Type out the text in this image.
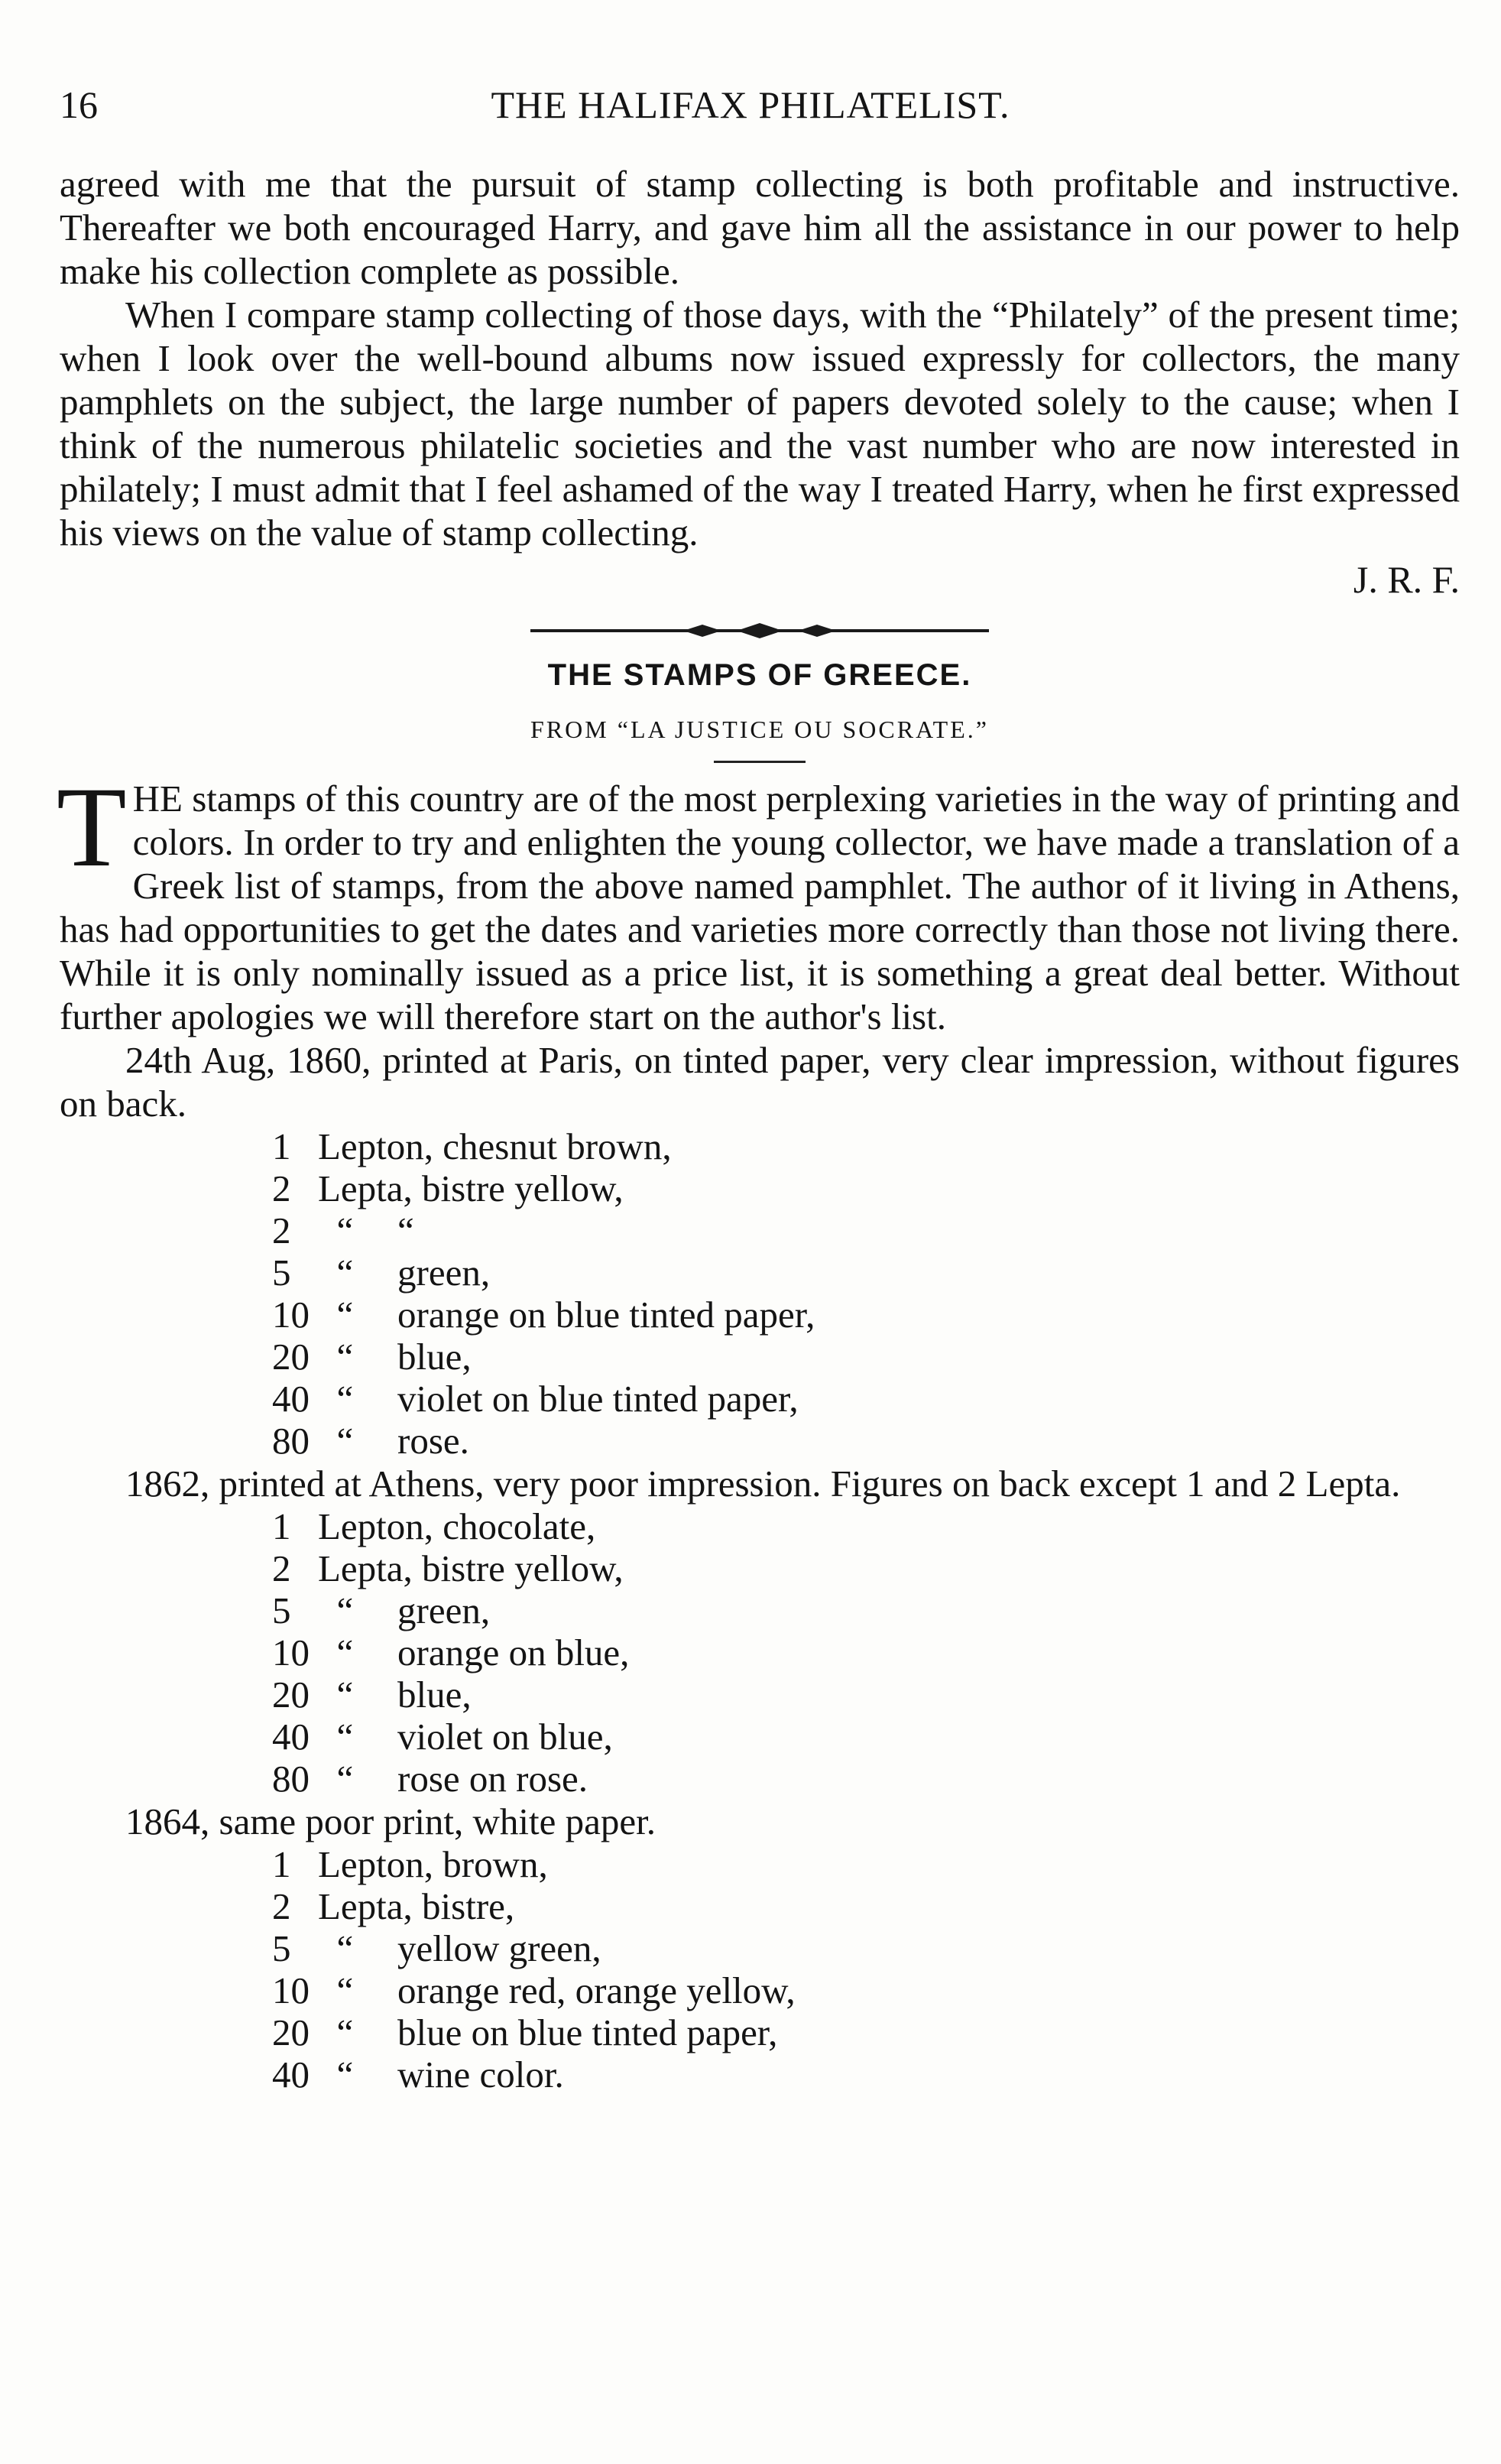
16	THE HALIFAX PHILATELIST.

agreed with me that the pursuit of stamp collecting is both profitable and instructive. Thereafter we both encouraged Harry, and gave him all the assistance in our power to help make his collection complete as possible.

When I compare stamp collecting of those days, with the “Philately” of the present time; when I look over the well-bound albums now issued expressly for collectors, the many pamphlets on the subject, the large number of papers devoted solely to the cause; when I think of the numerous philatelic societies and the vast number who are now interested in philately; I must admit that I feel ashamed of the way I treated Harry, when he first expressed his views on the value of stamp collecting.

J. R. F.
THE STAMPS OF GREECE.
FROM “LA JUSTICE OU SOCRATE.”
T HE stamps of this country are of the most perplexing varieties in the way of printing and colors. In order to try and enlighten the young collector, we have made a translation of a Greek list of stamps, from the above named pamphlet. The author of it living in Athens, has had opportunities to get the dates and varieties more correctly than those not living there. While it is only nominally issued as a price list, it is something a great deal better. Without further apologies we will therefore start on the author's list.

24th Aug, 1860, printed at Paris, on tinted paper, very clear impression, without figures on back.

1 Lepton, chesnut brown,
2 Lepta, bistre yellow,
2 “	“
5 “	green,
10 “	orange on blue tinted paper,
20 “	blue,
40 “	violet on blue tinted paper,
80 “	rose.

1862, printed at Athens, very poor impression. Figures on back except 1 and 2 Lepta.

1 Lepton, chocolate,
2 Lepta, bistre yellow,
5 “	green,
10 “	orange on blue,
20 “	blue,
40 “	violet on blue,
80 “	rose on rose.

1864, same poor print, white paper.

1 Lepton, brown,
2 Lepta, bistre,
5 “	yellow green,
10 “	orange red, orange yellow,
20 “	blue on blue tinted paper,
40 “	wine color.
